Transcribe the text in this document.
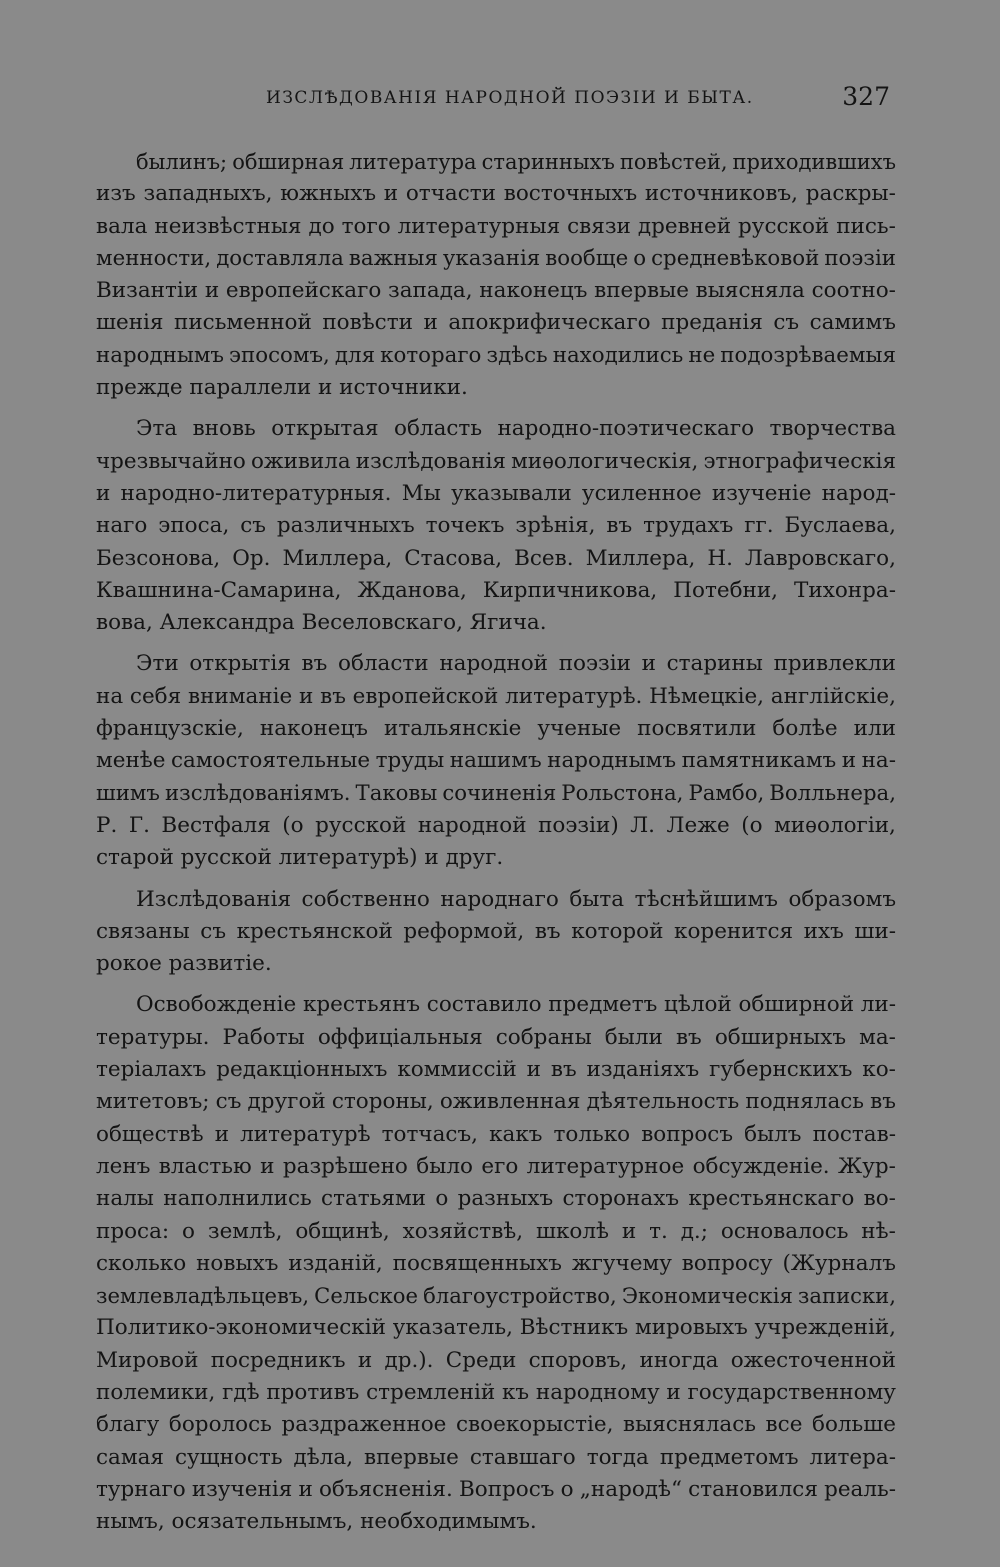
ИЗСЛѢДОВАНІЯ НАРОДНОЙ ПОЭЗІИ И БЫТА.	327
былинъ; обширная литература старинныхъ повѣстей, приходившихъ
изъ западныхъ, южныхъ и отчасти восточныхъ источниковъ, раскры-
вала неизвѣстныя до того литературныя связи древней русской пись-
менности, доставляла важныя указанія вообще о средневѣковой поэзіи
Византіи и европейскаго запада, наконецъ впервые выясняла соотно-
шенія письменной повѣсти и апокрифическаго преданія съ самимъ
народнымъ эпосомъ, для котораго здѣсь находились не подозрѣваемыя
прежде параллели и источники.
Эта вновь открытая область народно-поэтическаго творчества
чрезвычайно оживила изслѣдованія миѳологическія, этнографическія
и народно-литературныя. Мы указывали усиленное изученіе народ-
наго эпоса, съ различныхъ точекъ зрѣнія, въ трудахъ гг. Буслаева,
Безсонова, Ор. Миллера, Стасова, Всев. Миллера, Н. Лавровскаго,
Квашнина-Самарина, Жданова, Кирпичникова, Потебни, Тихонра-
вова, Александра Веселовскаго, Ягича.
Эти открытія въ области народной поэзіи и старины привлекли
на себя вниманіе и въ европейской литературѣ. Нѣмецкіе, англійскіе,
французскіе, наконецъ итальянскіе ученые посвятили болѣе или
менѣе самостоятельные труды нашимъ народнымъ памятникамъ и на-
шимъ изслѣдованіямъ. Таковы сочиненія Рольстона, Рамбо, Волльнера,
Р. Г. Вестфаля (о русской народной поэзіи) Л. Леже (о миѳологіи,
старой русской литературѣ) и друг.
Изслѣдованія собственно народнаго быта тѣснѣйшимъ образомъ
связаны съ крестьянской реформой, въ которой коренится ихъ ши-
рокое развитіе.
Освобожденіе крестьянъ составило предметъ цѣлой обширной ли-
тературы. Работы оффиціальныя собраны были въ обширныхъ ма-
теріалахъ редакціонныхъ коммиссій и въ изданіяхъ губернскихъ ко-
митетовъ; съ другой стороны, оживленная дѣятельность поднялась въ
обществѣ и литературѣ тотчасъ, какъ только вопросъ былъ постав-
ленъ властью и разрѣшено было его литературное обсужденіе. Жур-
налы наполнились статьями о разныхъ сторонахъ крестьянскаго во-
проса: о землѣ, общинѣ, хозяйствѣ, школѣ и т. д.; основалось нѣ-
сколько новыхъ изданій, посвященныхъ жгучему вопросу (Журналъ
землевладѣльцевъ, Сельское благоустройство, Экономическія записки,
Политико-экономическій указатель, Вѣстникъ мировыхъ учрежденій,
Мировой посредникъ и др.). Среди споровъ, иногда ожесточенной
полемики, гдѣ противъ стремленій къ народному и государственному
благу боролось раздраженное своекорыстіе, выяснялась все больше
самая сущность дѣла, впервые ставшаго тогда предметомъ литера-
турнаго изученія и объясненія. Вопросъ о „народѣ“ становился реаль-
нымъ, осязательнымъ, необходимымъ.
